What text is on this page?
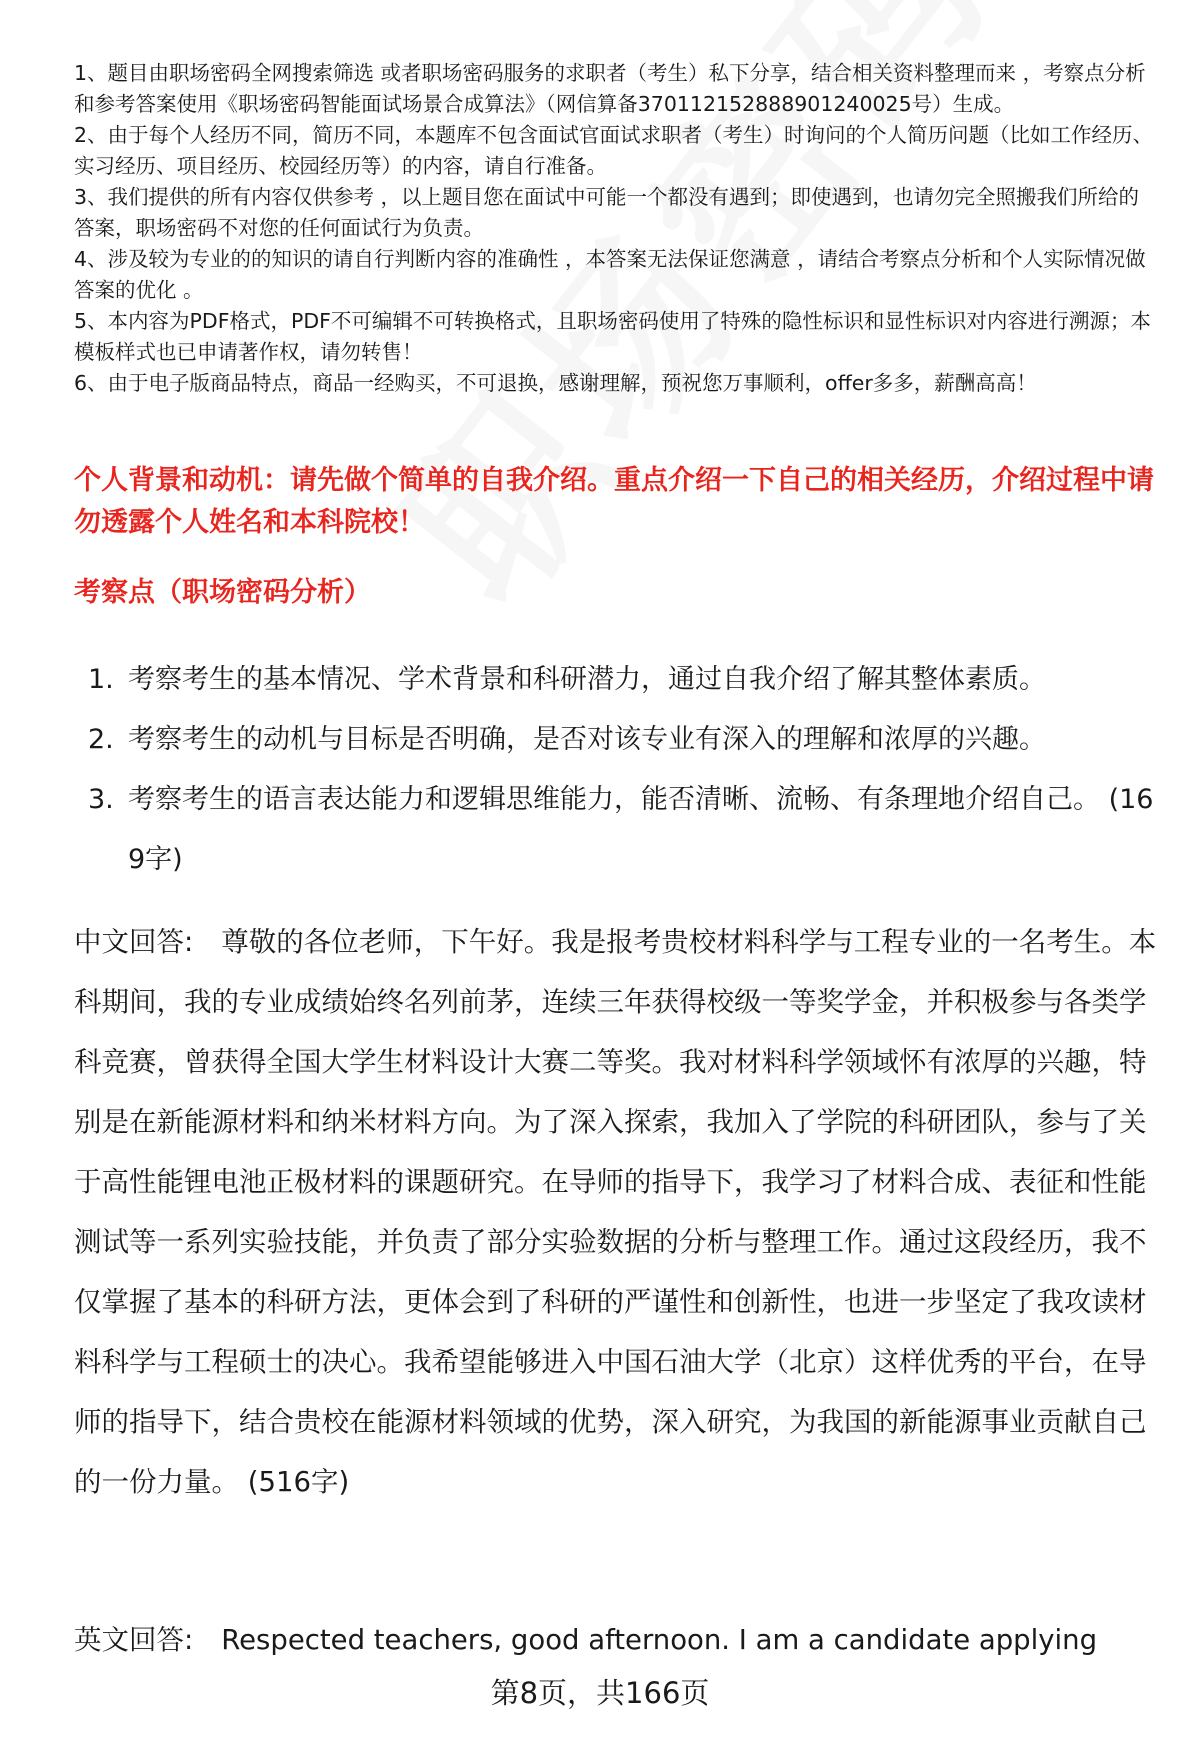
1、题目由职场密码全网搜索筛选 或者职场密码服务的求职者（考生）私下分享，结合相关资料整理而来 ，考察点分析和参考答案使用《职场密码智能面试场景合成算法》（网信算备370112152888901240025号）生成。

2、由于每个人经历不同，简历不同，本题库不包含面试官面试求职者（考生）时询问的个人简历问题（比如工作经历、实习经历、项目经历、校园经历等）的内容，请自行准备。

3、我们提供的所有内容仅供参考 ，以上题目您在面试中可能一个都没有遇到；即使遇到，也请勿完全照搬我们所给的答案，职场密码不对您的任何面试行为负责。

4、涉及较为专业的的知识的请自行判断内容的准确性 ，本答案无法保证您满意 ，请结合考察点分析和个人实际情况做答案的优化 。

5、本内容为PDF格式，PDF不可编辑不可转换格式，且职场密码使用了特殊的隐性标识和显性标识对内容进行溯源；本模板样式也已申请著作权，请勿转售！

6、由于电子版商品特点，商品一经购买，不可退换，感谢理解，预祝您万事顺利，offer多多，薪酬高高！

个人背景和动机：请先做个简单的自我介绍。重点介绍一下自己的相关经历，介绍过程中请勿透露个人姓名和本科院校！
考察点（职场密码分析）
1. 考察考生的基本情况、学术背景和科研潜力，通过自我介绍了解其整体素质。
2. 考察考生的动机与目标是否明确，是否对该专业有深入的理解和浓厚的兴趣。
3. 考察考生的语言表达能力和逻辑思维能力，能否清晰、流畅、有条理地介绍自己。 (169字)

中文回答: 尊敬的各位老师，下午好。我是报考贵校材料科学与工程专业的一名考生。本科期间，我的专业成绩始终名列前茅，连续三年获得校级一等奖学金，并积极参与各类学科竞赛，曾获得全国大学生材料设计大赛二等奖。我对材料科学领域怀有浓厚的兴趣，特别是在新能源材料和纳米材料方向。为了深入探索，我加入了学院的科研团队，参与了关于高性能锂电池正极材料的课题研究。在导师的指导下，我学习了材料合成、表征和性能测试等一系列实验技能，并负责了部分实验数据的分析与整理工作。通过这段经历，我不仅掌握了基本的科研方法，更体会到了科研的严谨性和创新性，也进一步坚定了我攻读材料科学与工程硕士的决心。我希望能够进入中国石油大学（北京）这样优秀的平台，在导师的指导下，结合贵校在能源材料领域的优势，深入研究，为我国的新能源事业贡献自己的一份力量。 (516字)

英文回答: Respected teachers, good afternoon. I am a candidate applying

第8页，共166页
